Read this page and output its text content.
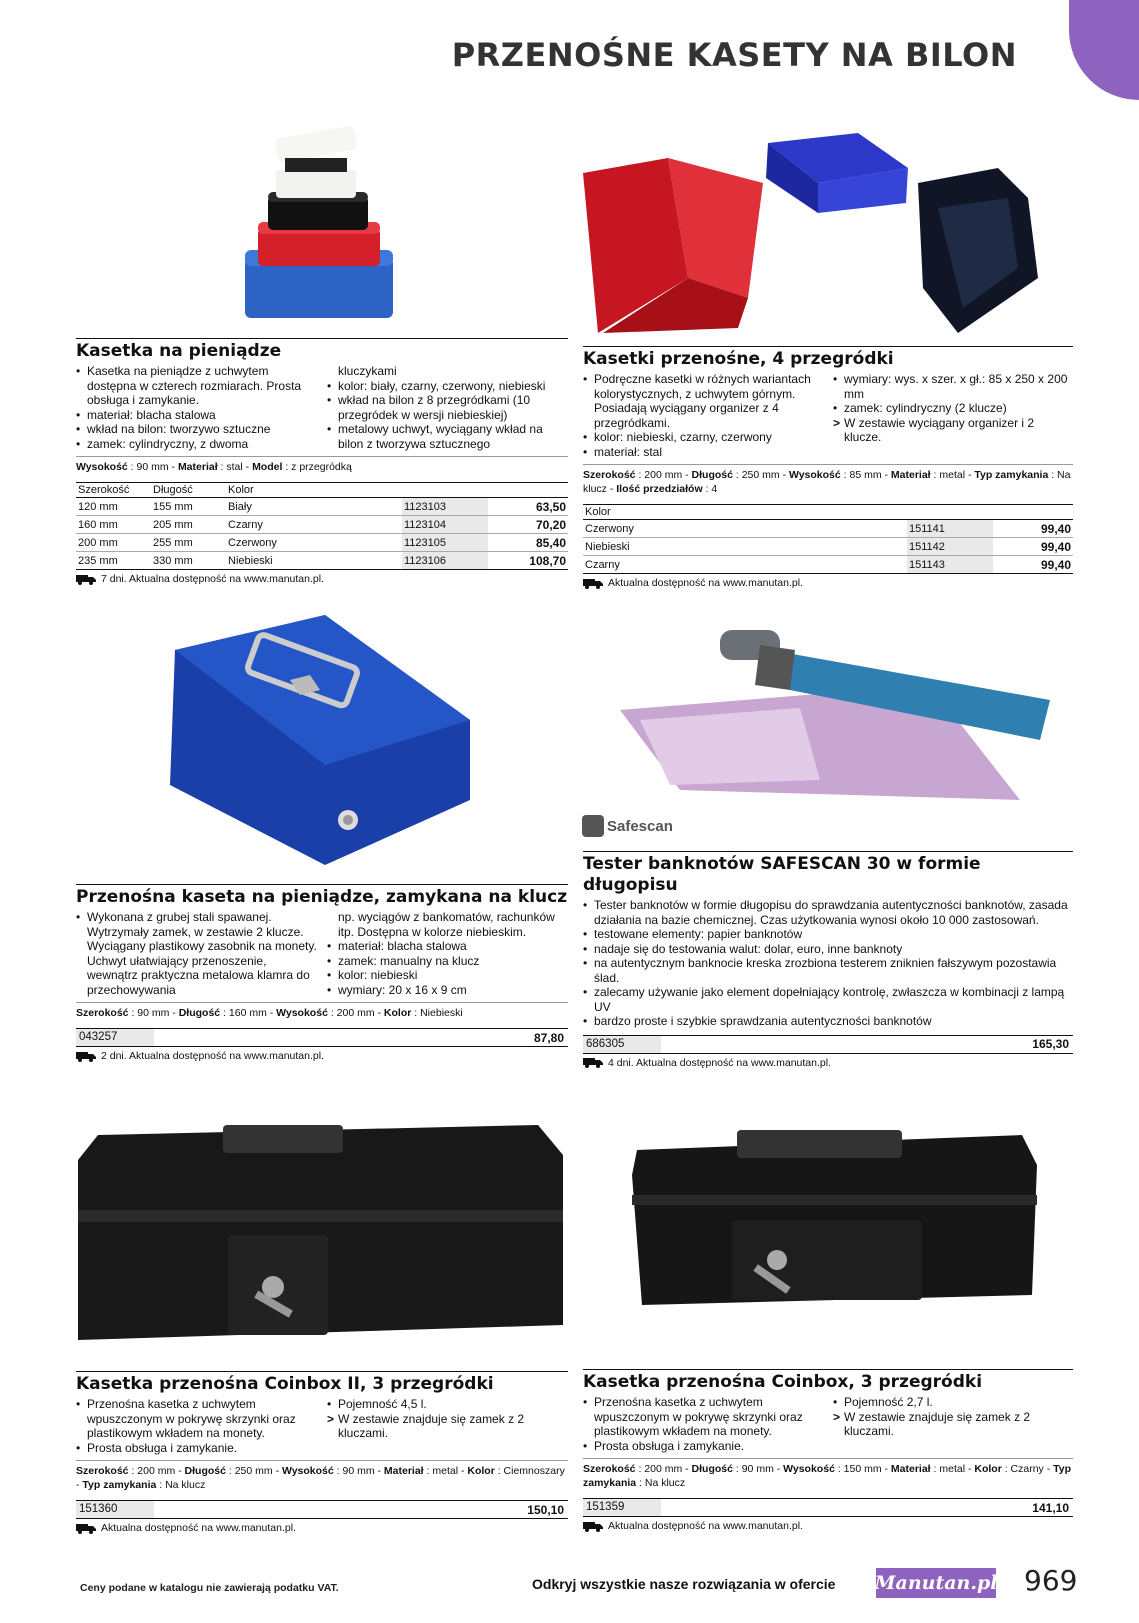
PRZENOŚNE KASETY NA BILON
Safescan
Kasetka na pieniądze
• Kasetka na pieniądze z uchwytem dostępna w czterech rozmiarach. Prosta obsługa i zamykanie.
• materiał: blacha stalowa
• wkład na bilon: tworzywo sztuczne
• zamek: cylindryczny, z dwoma
kluczykami
• kolor: biały, czarny, czerwony, niebieski
• wkład na bilon z 8 przegródkami (10 przegródek w wersji niebieskiej)
• metalowy uchwyt, wyciągany wkład na bilon z tworzywa sztucznego
Wysokość : 90 mm - Materiał : stal - Model : z przegródką
Szerokość	Długość	Kolor		
120 mm	155 mm	Biały	1123103	63,50
160 mm	205 mm	Czarny	1123104	70,20
200 mm	255 mm	Czerwony	1123105	85,40
235 mm	330 mm	Niebieski	1123106	108,70
7 dni. Aktualna dostępność na www.manutan.pl.
Kasetki przenośne, 4 przegródki
• Podręczne kasetki w różnych wariantach kolorystycznych, z uchwytem górnym. Posiadają wyciągany organizer z 4 przegródkami.
• kolor: niebieski, czarny, czerwony
• materiał: stal
• wymiary: wys. x szer. x gł.: 85 x 250 x 200 mm
• zamek: cylindryczny (2 klucze)
> W zestawie wyciągany organizer i 2 klucze.
Szerokość : 200 mm - Długość : 250 mm - Wysokość : 85 mm - Materiał : metal - Typ zamykania : Na klucz - Ilość przedziałów : 4
Kolor		
Czerwony	151141	99,40
Niebieski	151142	99,40
Czarny	151143	99,40
Aktualna dostępność na www.manutan.pl.
Przenośna kaseta na pieniądze, zamykana na klucz
• Wykonana z grubej stali spawanej. Wytrzymały zamek, w zestawie 2 klucze. Wyciągany plastikowy zasobnik na monety. Uchwyt ułatwiający przenoszenie, wewnątrz praktyczna metalowa klamra do przechowywania
np. wyciągów z bankomatów, rachunków itp. Dostępna w kolorze niebieskim.
• materiał: blacha stalowa
• zamek: manualny na klucz
• kolor: niebieski
• wymiary: 20 x 16 x 9 cm
Szerokość : 90 mm - Długość : 160 mm - Wysokość : 200 mm - Kolor : Niebieski
043257	87,80
2 dni. Aktualna dostępność na www.manutan.pl.
Tester banknotów SAFESCAN 30 w formie długopisu
• Tester banknotów w formie długopisu do sprawdzania autentyczności banknotów, zasada działania na bazie chemicznej. Czas użytkowania wynosi około 10 000 zastosowań.
• testowane elementy: papier banknotów
• nadaje się do testowania walut: dolar, euro, inne banknoty
• na autentycznym banknocie kreska zrozbiona testerem zniknien fałszywym pozostawia ślad.
• zalecamy używanie jako element dopełniający kontrolę, zwłaszcza w kombinacji z lampą UV
• bardzo proste i szybkie sprawdzania autentyczności banknotów
686305	165,30
4 dni. Aktualna dostępność na www.manutan.pl.
Kasetka przenośna Coinbox II, 3 przegródki
• Przenośna kasetka z uchwytem wpuszczonym w pokrywę skrzynki oraz plastikowym wkładem na monety.
• Prosta obsługa i zamykanie.
• Pojemność 4,5 l.
> W zestawie znajduje się zamek z 2 kluczami.
Szerokość : 200 mm - Długość : 250 mm - Wysokość : 90 mm - Materiał : metal - Kolor : Ciemnoszary - Typ zamykania : Na klucz
151360	150,10
Aktualna dostępność na www.manutan.pl.
Kasetka przenośna Coinbox, 3 przegródki
• Przenośna kasetka z uchwytem wpuszczonym w pokrywę skrzynki oraz plastikowym wkładem na monety.
• Prosta obsługa i zamykanie.
• Pojemność 2,7 l.
> W zestawie znajduje się zamek z 2 kluczami.
Szerokość : 200 mm - Długość : 90 mm - Wysokość : 150 mm - Materiał : metal - Kolor : Czarny - Typ zamykania : Na klucz
151359	141,10
Aktualna dostępność na www.manutan.pl.
Ceny podane w katalogu nie zawierają podatku VAT.	Odkryj wszystkie nasze rozwiązania w ofercie Manutan.pl 969
